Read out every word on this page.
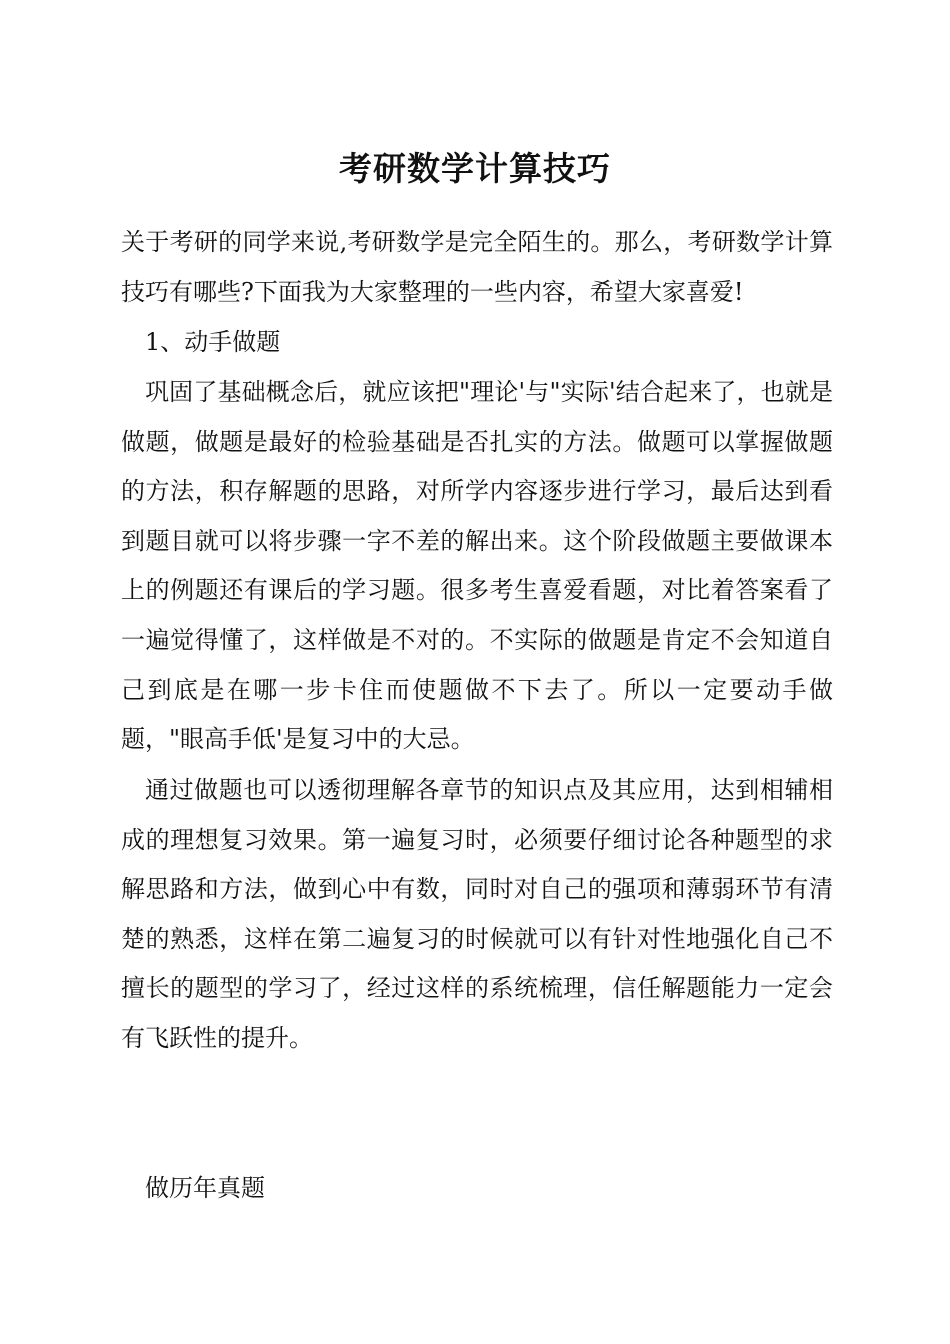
考研数学计算技巧

关于考研的同学来说,考研数学是完全陌生的。那么，考研数学计算技巧有哪些?下面我为大家整理的一些内容，希望大家喜爱!

1、动手做题

巩固了基础概念后，就应该把"理论'与"实际'结合起来了，也就是做题，做题是最好的检验基础是否扎实的方法。做题可以掌握做题的方法，积存解题的思路，对所学内容逐步进行学习，最后达到看到题目就可以将步骤一字不差的解出来。这个阶段做题主要做课本上的例题还有课后的学习题。很多考生喜爱看题，对比着答案看了一遍觉得懂了，这样做是不对的。不实际的做题是肯定不会知道自己到底是在哪一步卡住而使题做不下去了。所以一定要动手做题，"眼高手低'是复习中的大忌。

通过做题也可以透彻理解各章节的知识点及其应用，达到相辅相成的理想复习效果。第一遍复习时，必须要仔细讨论各种题型的求解思路和方法，做到心中有数，同时对自己的强项和薄弱环节有清楚的熟悉，这样在第二遍复习的时候就可以有针对性地强化自己不擅长的题型的学习了，经过这样的系统梳理，信任解题能力一定会有飞跃性的提升。

做历年真题
